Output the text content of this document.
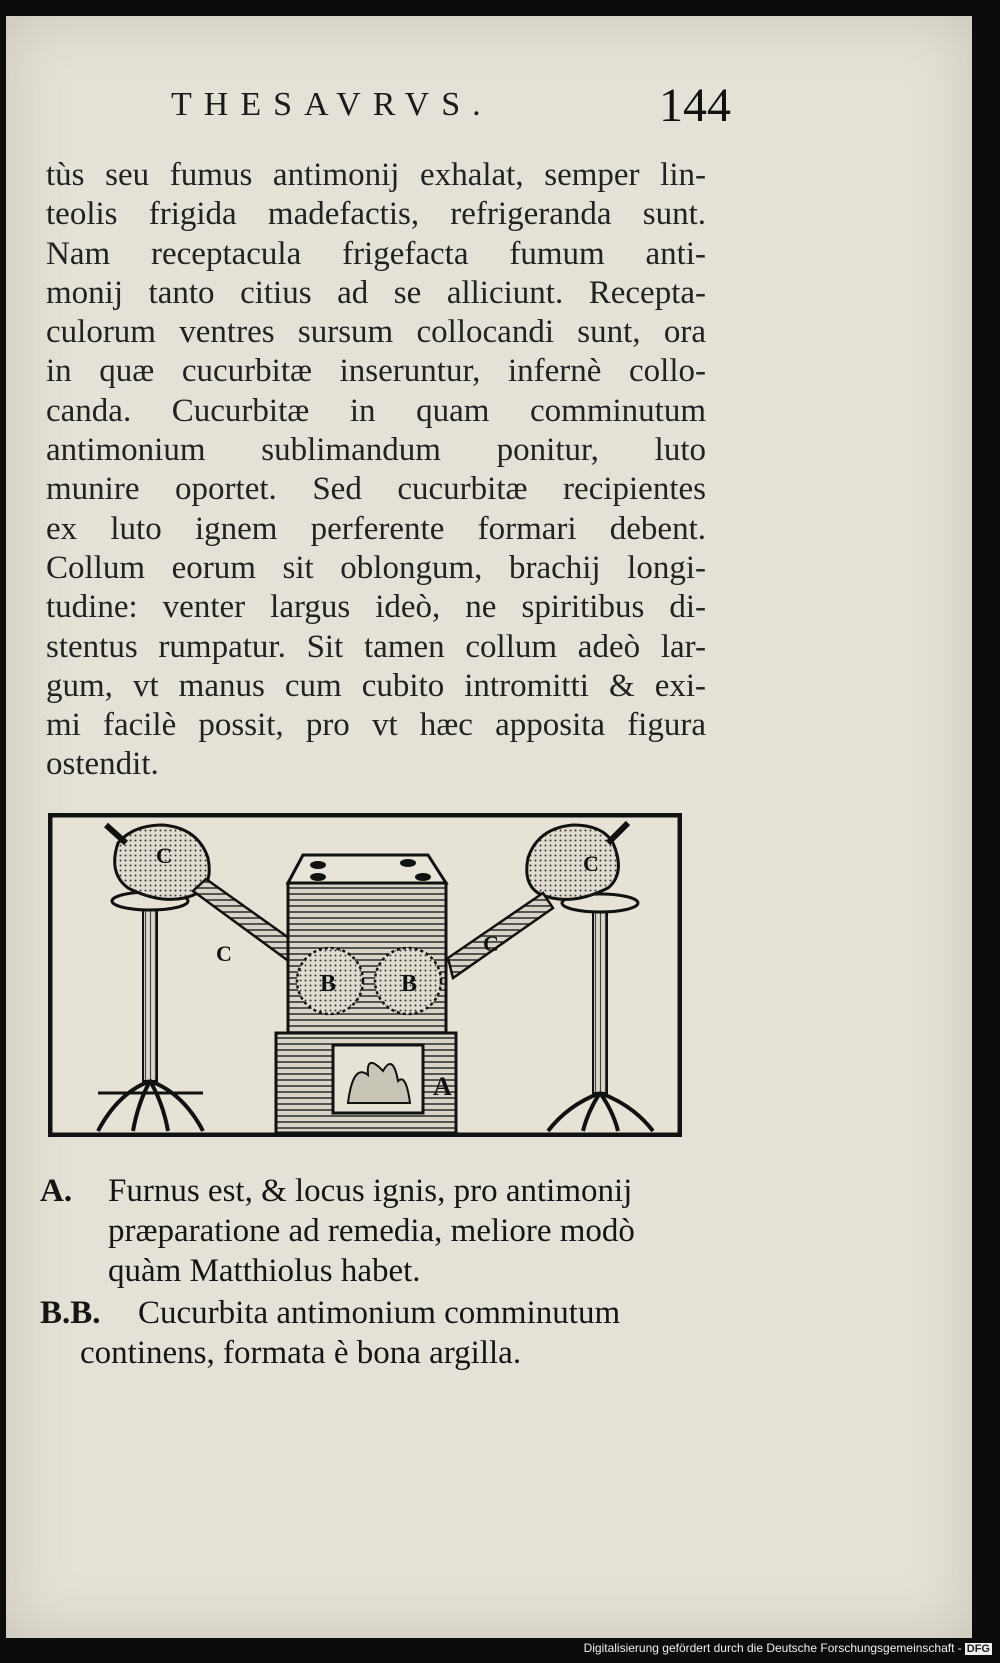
THESAVRVS.	144

tùs seu fumus antimonij exhalat, semper lin-
teolis frigida madefactis, refrigeranda sunt.
Nam receptacula frigefacta fumum anti-
monij tanto citius ad se alliciunt. Recepta-
culorum ventres sursum collocandi sunt, ora
in quæ cucurbitæ inseruntur, infernè collo-
canda. Cucurbitæ in quam comminutum
antimonium sublimandum ponitur, luto
munire oportet. Sed cucurbitæ recipientes
ex luto ignem perferente formari debent.
Collum eorum sit oblongum, brachij longi-
tudine: venter largus ideò, ne spiritibus di-
stentus rumpatur. Sit tamen collum adeò lar-
gum, vt manus cum cubito intromitti & exi-
mi facilè possit, pro vt hæc apposita figura
ostendit.

A
B	B
C
C	C
C
A. Furnus est, & locus ignis, pro antimonij
præparatione ad remedia, meliore modò
quàm Matthiolus habet.
B.B. Cucurbita antimonium comminutum
continens, formata è bona argilla.
Digitalisierung gefördert durch die Deutsche Forschungsgemeinschaft - DFG
